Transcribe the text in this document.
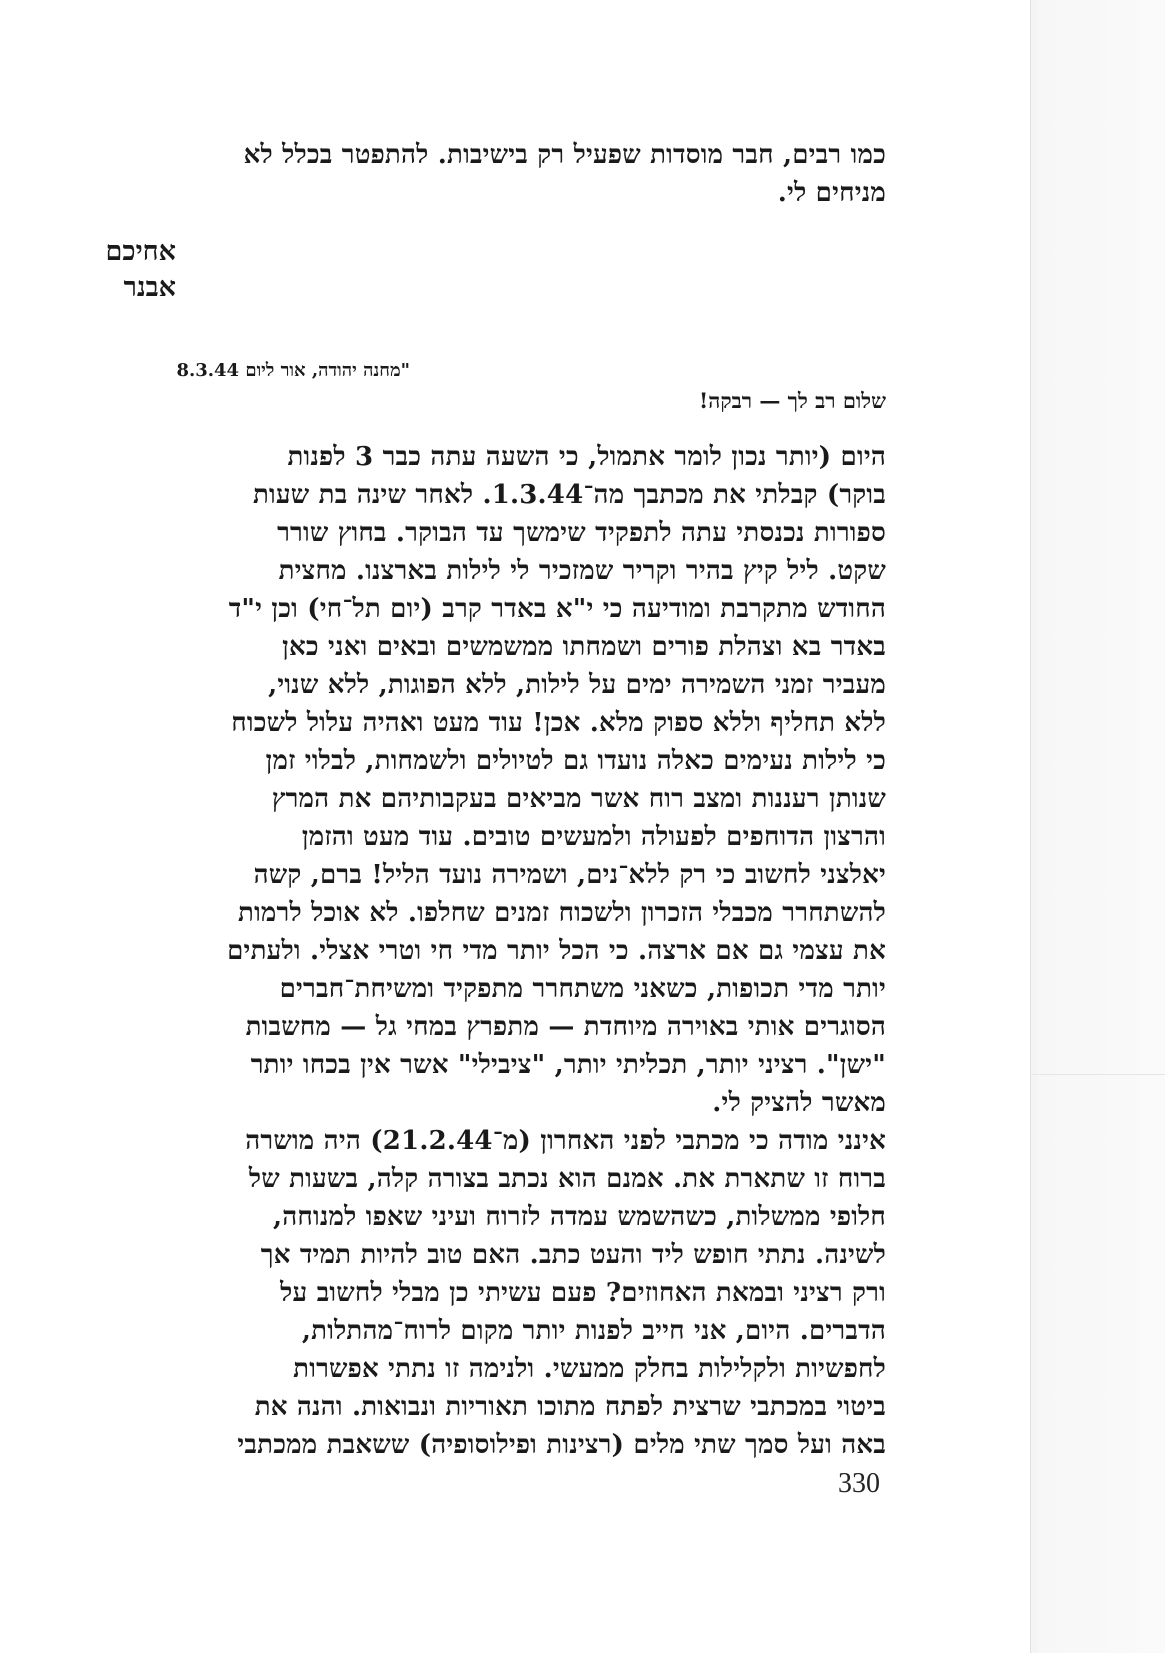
כמו רבים, חבר מוסדות שפעיל רק בישיבות. להתפטר בכלל לא
מניחים לי.
אחיכם
אבנר
"מחנה יהודה, אור ליום 8.3.44
שלום רב לך — רבקה!
היום (יותר נכון לומר אתמול, כי השעה עתה כבר 3 לפנות
בוקר) קבלתי את מכתבך מה־1.3.44. לאחר שינה בת שעות
ספורות נכנסתי עתה לתפקיד שימשך עד הבוקר. בחוץ שורר
שקט. ליל קיץ בהיר וקריר שמזכיר לי לילות בארצנו. מחצית
החודש מתקרבת ומודיעה כי י"א באדר קרב (יום תל־חי) וכן י"ד
באדר בא וצהלת פורים ושמחתו ממשמשים ובאים ואני כאן
מעביר זמני השמירה ימים על לילות, ללא הפוגות, ללא שנוי,
ללא תחליף וללא ספוק מלא. אכן! עוד מעט ואהיה עלול לשכוח
כי לילות נעימים כאלה נועדו גם לטיולים ולשמחות, לבלוי זמן
שנותן רעננות ומצב רוח אשר מביאים בעקבותיהם את המרץ
והרצון הדוחפים לפעולה ולמעשים טובים. עוד מעט והזמן
יאלצני לחשוב כי רק ללא־נים, ושמירה נועד הליל! ברם, קשה
להשתחרר מכבלי הזכרון ולשכוח זמנים שחלפו. לא אוכל לרמות
את עצמי גם אם ארצה. כי הכל יותר מדי חי וטרי אצלי. ולעתים
יותר מדי תכופות, כשאני משתחרר מתפקיד ומשיחת־חברים
הסוגרים אותי באוירה מיוחדת — מתפרץ במחי גל — מחשבות
"ישן". רציני יותר, תכליתי יותר, "ציבילי" אשר אין בכחו יותר
מאשר להציק לי.
אינני מודה כי מכתבי לפני האחרון (מ־21.2.44) היה מושרה
ברוח זו שתארת את. אמנם הוא נכתב בצורה קלה, בשעות של
חלופי ממשלות, כשהשמש עמדה לזרוח ועיני שאפו למנוחה,
לשינה. נתתי חופש ליד והעט כתב. האם טוב להיות תמיד אך
ורק רציני ובמאת האחוזים? פעם עשיתי כן מבלי לחשוב על
הדברים. היום, אני חייב לפנות יותר מקום לרוח־מהתלות,
לחפשיות ולקלילות בחלק ממעשי. ולנימה זו נתתי אפשרות
ביטוי במכתבי שרצית לפתח מתוכו תאוריות ונבואות. והנה את
באה ועל סמך שתי מלים (רצינות ופילוסופיה) ששאבת ממכתבי
330
